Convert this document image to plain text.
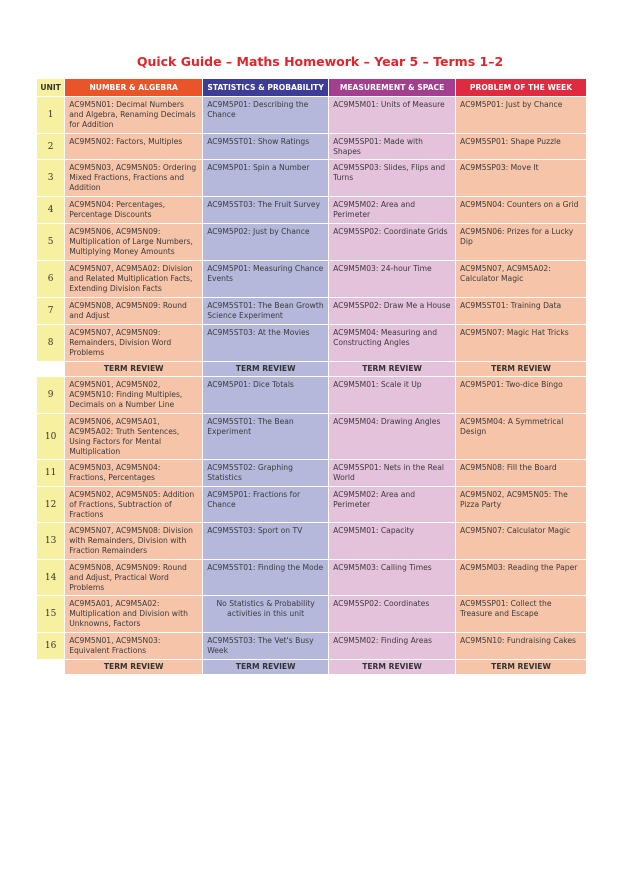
Quick Guide – Maths Homework – Year 5 – Terms 1–2
UNIT	NUMBER & ALGEBRA	STATISTICS & PROBABILITY	MEASUREMENT & SPACE	PROBLEM OF THE WEEK
1	AC9M5N01: Decimal Numbers and Algebra, Renaming Decimals for Addition	AC9M5P01: Describing the Chance	AC9M5M01: Units of Measure	AC9M5P01: Just by Chance
2	AC9M5N02: Factors, Multiples	AC9M5ST01: Show Ratings	AC9M5SP01: Made with Shapes	AC9M5SP01: Shape Puzzle
3	AC9M5N03, AC9M5N05: Ordering Mixed Fractions, Fractions and Addition	AC9M5P01: Spin a Number	AC9M5SP03: Slides, Flips and Turns	AC9M5SP03: Move It
4	AC9M5N04: Percentages, Percentage Discounts	AC9M5ST03: The Fruit Survey	AC9M5M02: Area and Perimeter	AC9M5N04: Counters on a Grid
5	AC9M5N06, AC9M5N09: Multiplication of Large Numbers, Multiplying Money Amounts	AC9M5P02: Just by Chance	AC9M5SP02: Coordinate Grids	AC9M5N06: Prizes for a Lucky Dip
6	AC9M5N07, AC9M5A02: Division and Related Multiplication Facts, Extending Division Facts	AC9M5P01: Measuring Chance Events	AC9M5M03: 24-hour Time	AC9M5N07, AC9M5A02: Calculator Magic
7	AC9M5N08, AC9M5N09: Round and Adjust	AC9M5ST01: The Bean Growth Science Experiment	AC9M5SP02: Draw Me a House	AC9M5ST01: Training Data
8	AC9M5N07, AC9M5N09: Remainders, Division Word Problems	AC9M5ST03: At the Movies	AC9M5M04: Measuring and Constructing Angles	AC9M5N07: Magic Hat Tricks
	TERM REVIEW	TERM REVIEW	TERM REVIEW	TERM REVIEW
9	AC9M5N01, AC9M5N02, AC9M5N10: Finding Multiples, Decimals on a Number Line	AC9M5P01: Dice Totals	AC9M5M01: Scale it Up	AC9M5P01: Two-dice Bingo
10	AC9M5N06, AC9M5A01, AC9M5A02: Truth Sentences, Using Factors for Mental Multiplication	AC9M5ST01: The Bean Experiment	AC9M5M04: Drawing Angles	AC9M5M04: A Symmetrical Design
11	AC9M5N03, AC9M5N04: Fractions, Percentages	AC9M5ST02: Graphing Statistics	AC9M5SP01: Nets in the Real World	AC9M5N08: Fill the Board
12	AC9M5N02, AC9M5N05: Addition of Fractions, Subtraction of Fractions	AC9M5P01: Fractions for Chance	AC9M5M02: Area and Perimeter	AC9M5N02, AC9M5N05: The Pizza Party
13	AC9M5N07, AC9M5N08: Division with Remainders, Division with Fraction Remainders	AC9M5ST03: Sport on TV	AC9M5M01: Capacity	AC9M5N07: Calculator Magic
14	AC9M5N08, AC9M5N09: Round and Adjust, Practical Word Problems	AC9M5ST01: Finding the Mode	AC9M5M03: Calling Times	AC9M5M03: Reading the Paper
15	AC9M5A01, AC9M5A02: Multiplication and Division with Unknowns, Factors	No Statistics & Probability activities in this unit	AC9M5SP02: Coordinates	AC9M5SP01: Collect the Treasure and Escape
16	AC9M5N01, AC9M5N03: Equivalent Fractions	AC9M5ST03: The Vet's Busy Week	AC9M5M02: Finding Areas	AC9M5N10: Fundraising Cakes
	TERM REVIEW	TERM REVIEW	TERM REVIEW	TERM REVIEW
